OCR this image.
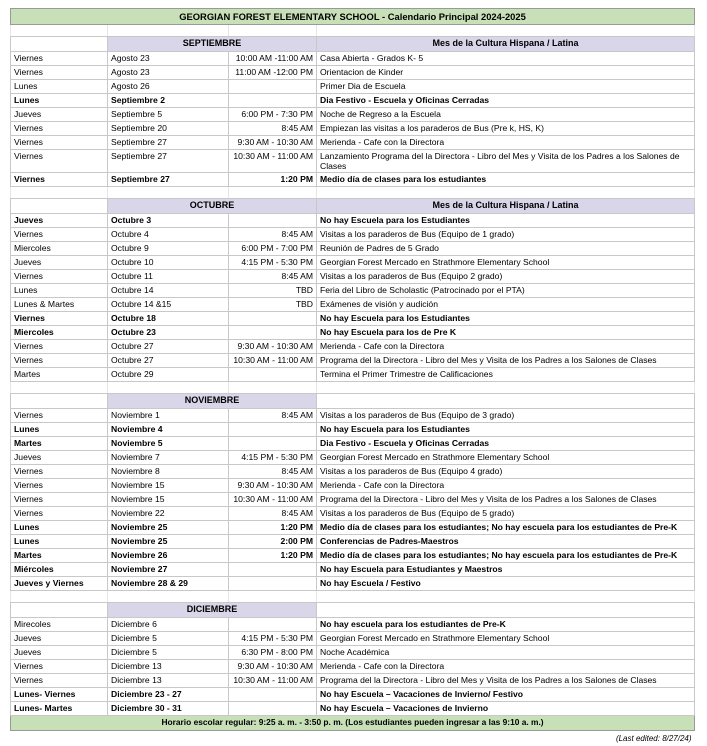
GEORGIAN FOREST ELEMENTARY SCHOOL - Calendario Principal 2024-2025			

	SEPTIEMBRE		Mes de la Cultura Hispana / Latina
Viernes	Agosto 23	10:00 AM -11:00 AM	Casa Abierta - Grados K- 5
Viernes	Agosto 23	11:00 AM -12:00 PM	Orientacion de Kinder
Lunes	Agosto 26		Primer Dia de Escuela
Lunes	Septiembre 2		Dia Festivo - Escuela y Oficinas Cerradas
Jueves	Septiembre 5	6:00 PM - 7:30 PM	Noche de Regreso a la Escuela
Viernes	Septiembre 20	8:45 AM	Empiezan las visitas a los paraderos de Bus (Pre k, HS, K)
Viernes	Septiembre 27	9:30 AM - 10:30 AM	Merienda - Cafe con la Directora
Viernes	Septiembre 27	10:30 AM - 11:00 AM	Lanzamiento Programa del la Directora - Libro del Mes y Visita de los Padres a los Salones de Clases
Viernes	Septiembre 27	1:20 PM	Medio día de clases para los estudiantes

	OCTUBRE		Mes de la Cultura Hispana / Latina
Jueves	Octubre 3		No hay Escuela para los Estudiantes
Viernes	Octubre 4	8:45 AM	Visitas a los paraderos de Bus (Equipo de 1 grado)
Miercoles	Octubre 9	6:00 PM - 7:00 PM	Reunión de Padres de 5 Grado
Jueves	Octubre 10	4:15 PM - 5:30 PM	Georgian Forest Mercado en Strathmore Elementary School
Viernes	Octubre 11	8:45 AM	Visitas a los paraderos de Bus (Equipo 2 grado)
Lunes	Octubre 14	TBD	Feria del Libro de Scholastic (Patrocinado por el PTA)
Lunes & Martes	Octubre 14 &15	TBD	Exámenes de visión y audición
Viernes	Octubre 18		No hay Escuela para los Estudiantes
Miercoles	Octubre 23		No hay Escuela para los de Pre K
Viernes	Octubre 27	9:30 AM - 10:30 AM	Merienda - Cafe con la Directora
Viernes	Octubre 27	10:30 AM - 11:00 AM	Programa del la Directora - Libro del Mes y Visita de los Padres a los Salones de Clases
Martes	Octubre 29		Termina el Primer Trimestre de Calificaciones

	NOVIEMBRE		
Viernes	Noviembre 1	8:45 AM	Visitas a los paraderos de Bus (Equipo de 3 grado)
Lunes	Noviembre 4		No hay Escuela para los Estudiantes
Martes	Noviembre 5		Dia Festivo - Escuela y Oficinas Cerradas
Jueves	Noviembre 7	4:15 PM - 5:30 PM	Georgian Forest Mercado en Strathmore Elementary School
Viernes	Noviembre 8	8:45 AM	Visitas a los paraderos de Bus (Equipo 4 grado)
Viernes	Noviembre 15	9:30 AM - 10:30 AM	Merienda - Cafe con la Directora
Viernes	Noviembre 15	10:30 AM - 11:00 AM	Programa del la Directora - Libro del Mes y Visita de los Padres a los Salones de Clases
Viernes	Noviembre 22	8:45 AM	Visitas a los paraderos de Bus (Equipo de 5 grado)
Lunes	Noviembre 25	1:20 PM	Medio día de clases para los estudiantes; No hay escuela para los estudiantes de Pre-K
Lunes	Noviembre 25	2:00 PM	Conferencias de Padres-Maestros
Martes	Noviembre 26	1:20 PM	Medio día de clases para los estudiantes; No hay escuela para los estudiantes de Pre-K
Miércoles	Noviembre 27		No hay Escuela para Estudiantes y Maestros
Jueves y Viernes	Noviembre 28 & 29		No hay Escuela / Festivo

	DICIEMBRE		
Mirecoles	Diciembre 6		No hay escuela para los estudiantes de Pre-K
Jueves	Diciembre 5	4:15 PM - 5:30 PM	Georgian Forest Mercado en Strathmore Elementary School
Jueves	Diciembre 5	6:30 PM - 8:00 PM	Noche Académica
Viernes	Diciembre 13	9:30 AM - 10:30 AM	Merienda - Cafe con la Directora
Viernes	Diciembre 13	10:30 AM - 11:00 AM	Programa del la Directora - Libro del Mes y Visita de los Padres a los Salones de Clases
Lunes- Viernes	Diciembre 23 - 27		No hay Escuela – Vacaciones de Invierno/ Festivo
Lunes- Martes	Diciembre 30 - 31		No hay Escuela – Vacaciones de Invierno
Horario escolar regular: 9:25 a. m. - 3:50 p. m. (Los estudiantes pueden ingresar a las 9:10 a. m.)			
(Last edited: 8/27/24)			
